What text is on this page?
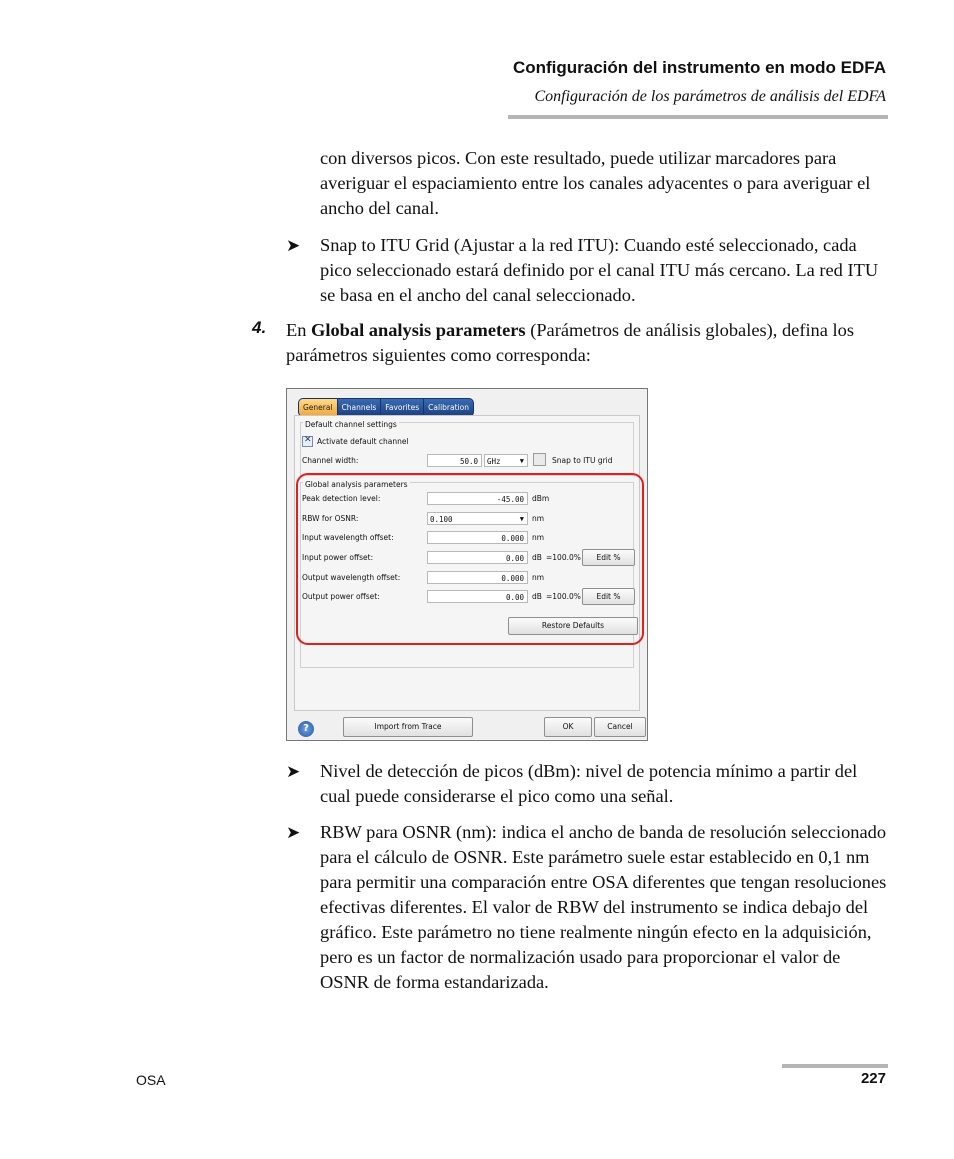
Configuración del instrumento en modo EDFA
Configuración de los parámetros de análisis del EDFA

con diversos picos. Con este resultado, puede utilizar marcadores para averiguar el espaciamiento entre los canales adyacentes o para averiguar el ancho del canal.

➤ Snap to ITU Grid (Ajustar a la red ITU): Cuando esté seleccionado, cada pico seleccionado estará definido por el canal ITU más cercano. La red ITU se basa en el ancho del canal seleccionado.

4. En Global analysis parameters (Parámetros de análisis globales), defina los parámetros siguientes como corresponda:

General	Channels	Favorites	Calibration
Default channel settings
✕
Activate default channel
Channel width:	50.0	GHz	▼	Snap to ITU grid
Global analysis parameters
Peak detection level:	-45.00	dBm
RBW for OSNR:	0.100	▼ nm
Input wavelength offset:	0.000	nm
Input power offset:	0.00	dB =100.0%	Edit %
Output wavelength offset:	0.000	nm
Output power offset:	0.00	dB =100.0%	Edit %
Restore Defaults
?	Import from Trace	OK	Cancel
➤ Nivel de detección de picos (dBm): nivel de potencia mínimo a partir del cual puede considerarse el pico como una señal.

➤ RBW para OSNR (nm): indica el ancho de banda de resolución seleccionado para el cálculo de OSNR. Este parámetro suele estar establecido en 0,1 nm para permitir una comparación entre OSA diferentes que tengan resoluciones efectivas diferentes. El valor de RBW del instrumento se indica debajo del gráfico. Este parámetro no tiene realmente ningún efecto en la adquisición, pero es un factor de normalización usado para proporcionar el valor de OSNR de forma estandarizada.

OSA	227
